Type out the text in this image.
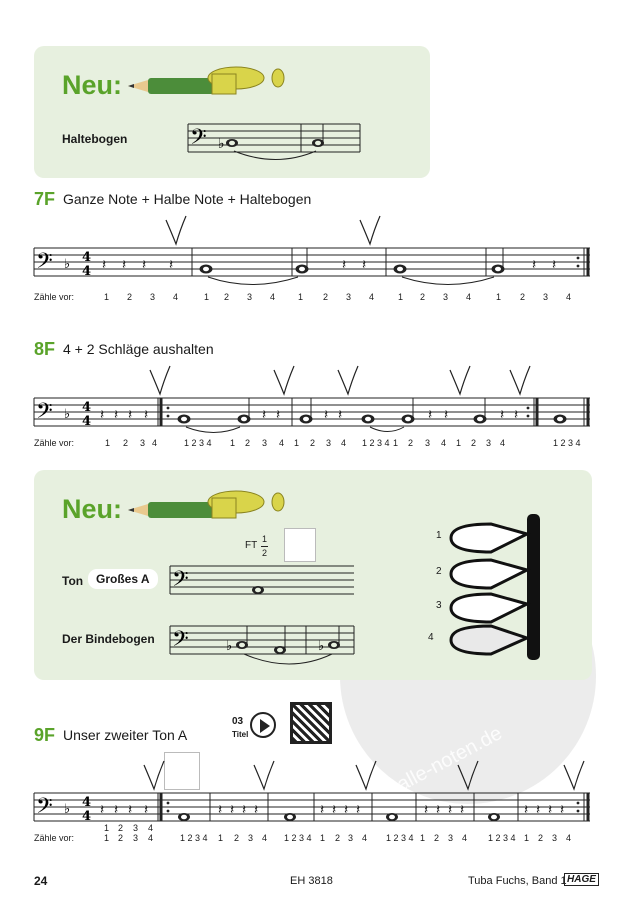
alle-noten.de
Neu:
Haltebogen 𝄢 ♭
7F Ganze Note + Halbe Note + Haltebogen
𝄢 ♭ 4
4 𝄽 𝄽 𝄽 𝄽	𝄽 𝄽	𝄽 𝄽
Zähle vor:	1 2 3 4	1 2 3 4	1 2 3 4	1 2 3 4	1 2 3 4
8F 4 + 2 Schläge aushalten
𝄢 ♭ 4
4 𝄽 𝄽 𝄽 𝄽	𝄽 𝄽	𝄽 𝄽	𝄽 𝄽	𝄽 𝄽
Zähle vor:	1 2 3 4	1 2 3 4 1 2 3 4 1 2 3 4 1 2 3 4 1 2 3 4 1 2 3 4	1 2 3 4
Neu:
FT
1
2
Ton	Großes A 𝄢
Der Bindebogen 𝄢	♭	♭
1
2
3
4
9F Unser zweiter Ton A
03
Titel
𝄢 ♭ 4
4 𝄽 𝄽 𝄽 𝄽	𝄽 𝄽 𝄽 𝄽	𝄽 𝄽 𝄽 𝄽	𝄽 𝄽 𝄽 𝄽	𝄽 𝄽 𝄽 𝄽
1 2 3 4
Zähle vor:	1 2 3 4	1 2 3 4 1 2 3 4 1 2 3 4 1 2 3 4 1 2 3 4 1 2 3 4 1 2 3 4 1 2 3 4
24	EH 3818	Tuba Fuchs, Band 1 HAGE
